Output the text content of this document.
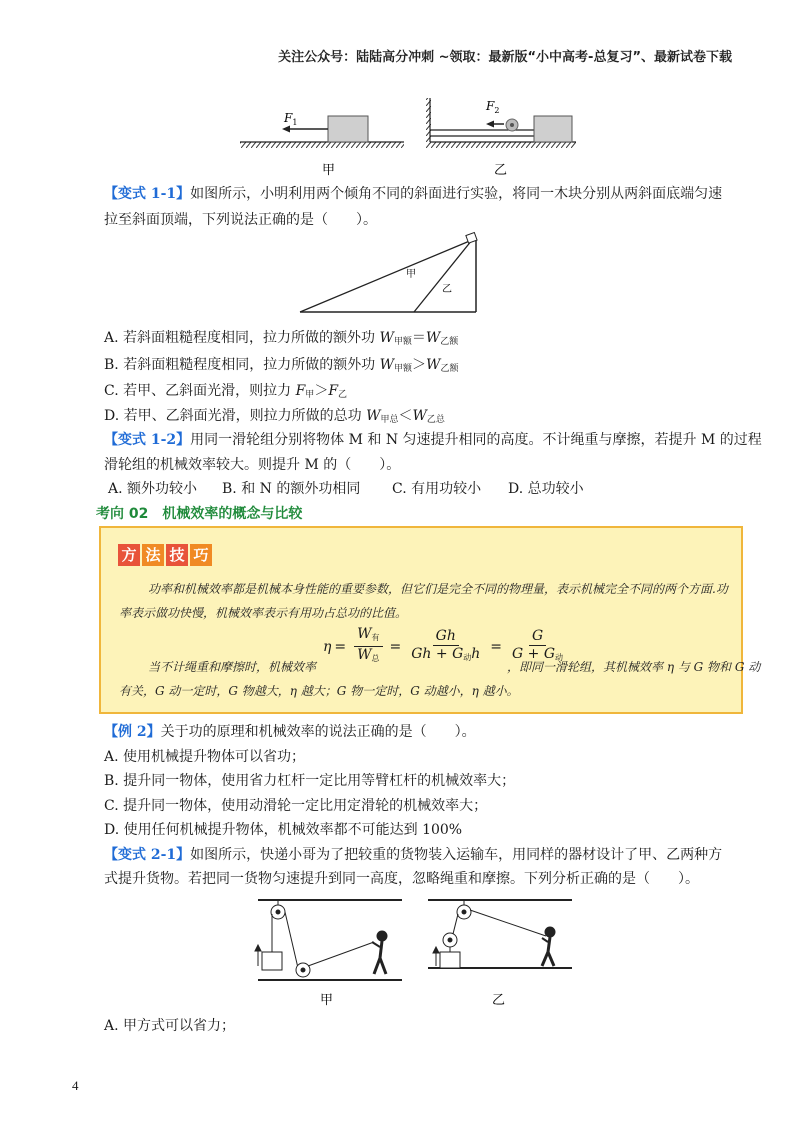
关注公众号：陆陆高分冲刺 ~领取：最新版“小中高考-总复习”、最新试卷下载
$F_1$
$F_2$
甲	乙
【变式 1-1】如图所示，小明利用两个倾角不同的斜面进行实验，将同一木块分别从两斜面底端匀速
拉至斜面顶端，下列说法正确的是（　　）。
甲
乙
A. 若斜面粗糙程度相同，拉力所做的额外功 $W_{甲额}=W_{乙额}$
B. 若斜面粗糙程度相同，拉力所做的额外功 $W_{甲额}>W_{乙额}$
C. 若甲、乙斜面光滑，则拉力 $F_甲>F_乙$
D. 若甲、乙斜面光滑，则拉力所做的总功 $W_{甲总}<W_{乙总}$
【变式 1-2】用同一滑轮组分别将物体 M 和 N 匀速提升相同的高度。不计绳重与摩擦，若提升 M 的过程
滑轮组的机械效率较大。则提升 M 的（　　）。
A. 额外功较小 B. 和 N 的额外功相同 C. 有用功较小 D. 总功较小
考向 02　机械效率的概念与比较
方 法 技 巧
功率和机械效率都是机械本身性能的重要参数，但它们是完全不同的物理量，表示机械完全不同的两个方面.功
率表示做功快慢，机械效率表示有用功占总功的比值。
$\eta = \frac{\text{W有}}{\text{W总}} = \frac{Gh}{\text{Gh + G动h}} = \frac{G}{\text{G + G动}}$
当不计绳重和摩擦时，机械效率	，即同一滑轮组，其机械效率 η 与 G 物和 G 动
有关，G 动一定时，G 物越大，η 越大；G 物一定时，G 动越小，η 越小。
【例 2】关于功的原理和机械效率的说法正确的是（　　）。
A. 使用机械提升物体可以省功；
B. 提升同一物体，使用省力杠杆一定比用等臂杠杆的机械效率大；
C. 提升同一物体，使用动滑轮一定比用定滑轮的机械效率大；
D. 使用任何机械提升物体，机械效率都不可能达到 100%
【变式 2-1】如图所示，快递小哥为了把较重的货物装入运输车，用同样的器材设计了甲、乙两种方
式提升货物。若把同一货物匀速提升到同一高度，忽略绳重和摩擦。下列分析正确的是（　　）。
甲	乙
A. 甲方式可以省力；
4
